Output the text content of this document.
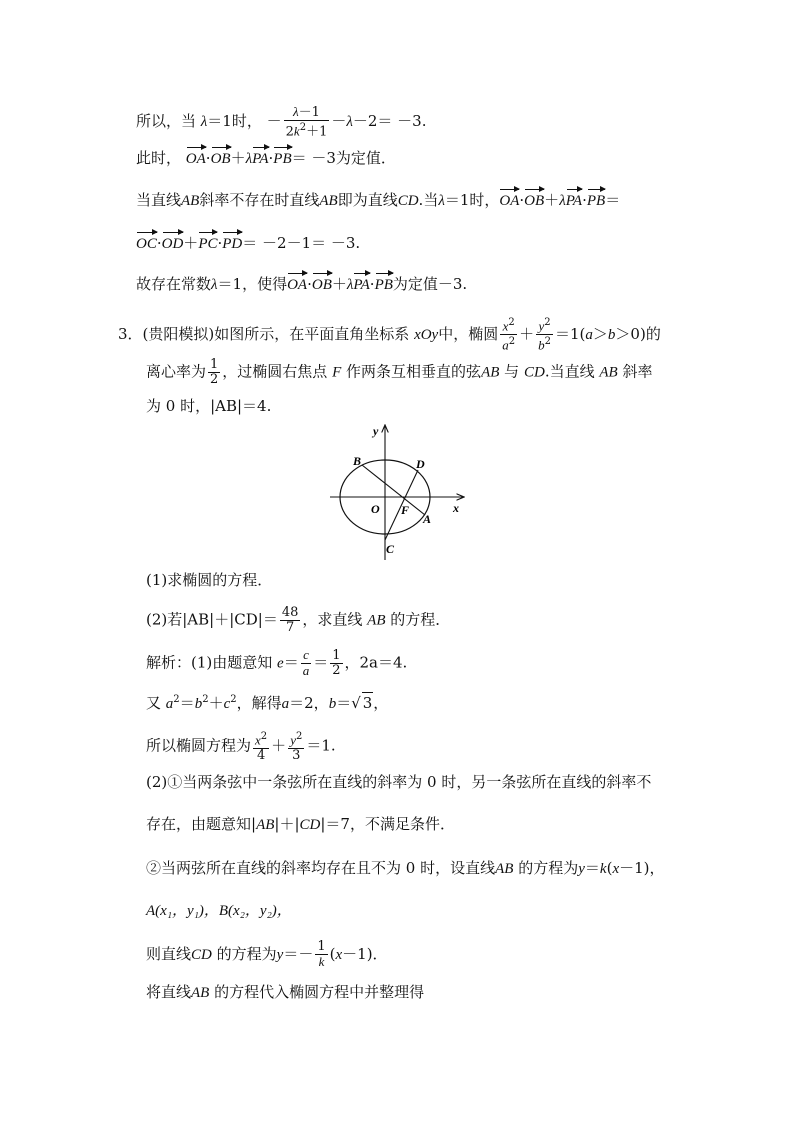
所以，当 λ＝1时， － $\frac{\lambda-1}{2k^2+1} -\lambda-2= -3$.
此时， OA·OB＋λPA·PB＝ －3为定值．
当直线AB斜率不存在时直线AB即为直线CD.当λ＝1时，OA·OB＋λPA·PB＝
OC·OD＋PC·PD＝ －2－1＝ －3.
故存在常数λ＝1，使得OA·OB＋λPA·PB为定值－3.
3．(贵阳模拟)如图所示，在平面直角坐标系 xOy中，椭圆 $\frac{x^2}{a^2} + \frac{y^2}{b^2} =1(a>b>0)$的
离心率为 $\frac{1}{2}$ ，过椭圆右焦点 F 作两条互相垂直的弦AB 与 CD.当直线 AB 斜率
为 0 时，|AB|＝4.
y
x
B	D
O F
A
C
(1)求椭圆的方程．
(2)若$|AB|+|CD|= \frac{48}{7}$ ，求直线 AB 的方程．
解析：(1)由题意知 $e= \frac{c}{a} = \frac{1}{2}$ ，2a＝4.
又 $a^2=b^2+c^2$，解得a＝2，b＝√ 3，
所以椭圆方程为 $\frac{x^2}{4} + \frac{y^2}{3} =1$.
(2)①当两条弦中一条弦所在直线的斜率为 0 时，另一条弦所在直线的斜率不
存在，由题意知|AB|＋|CD|＝7，不满足条件．
②当两弦所在直线的斜率均存在且不为 0 时，设直线AB 的方程为y＝k(x－1)，
A(x₁，y₁)，B(x₂，y₂)，
则直线CD 的方程为$y=- \frac{1}{k} (x-1)$．
将直线AB 的方程代入椭圆方程中并整理得
